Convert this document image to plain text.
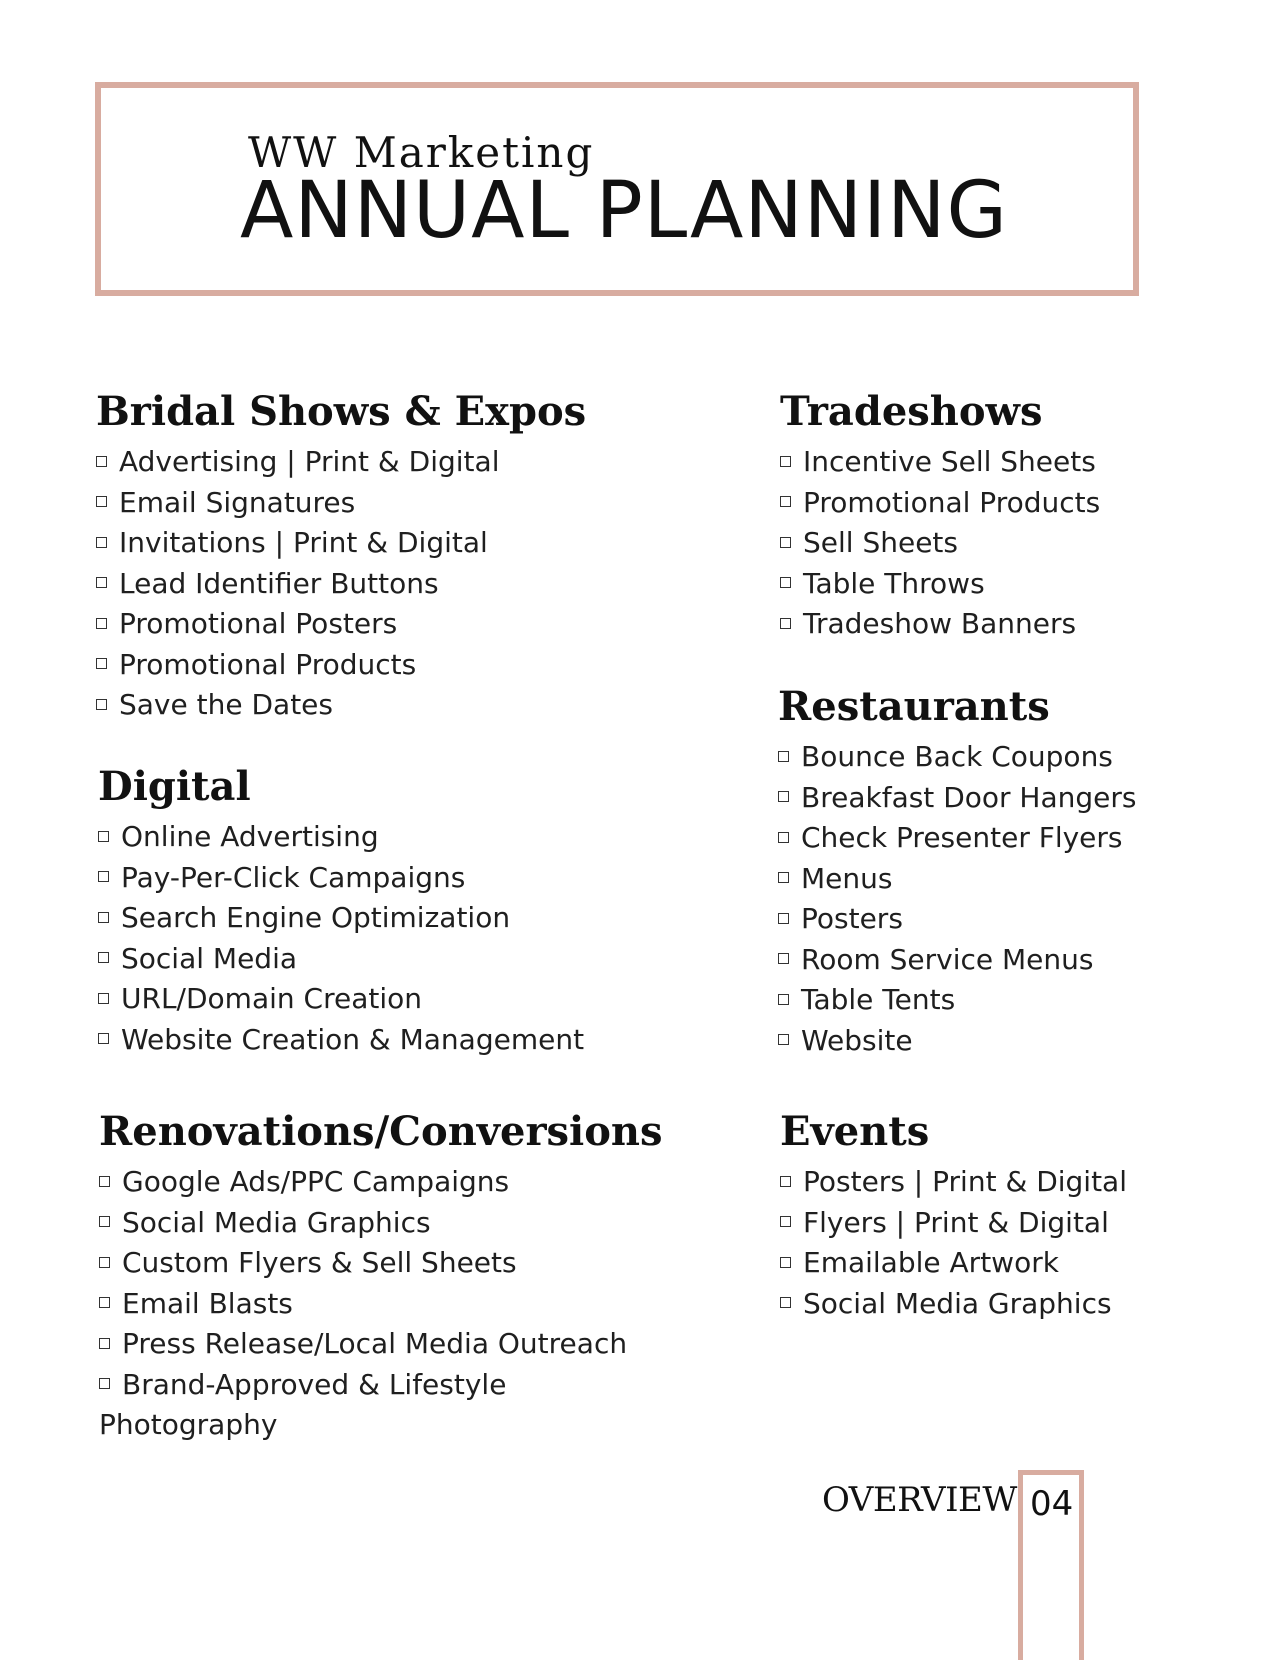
WW Marketing
ANNUAL PLANNING
Bridal Shows & Expos
Advertising | Print & Digital
Email Signatures
Invitations | Print & Digital
Lead Identifier Buttons
Promotional Posters
Promotional Products
Save the Dates
Digital
Online Advertising
Pay-Per-Click Campaigns
Search Engine Optimization
Social Media
URL/Domain Creation
Website Creation & Management
Renovations/Conversions
Google Ads/PPC Campaigns
Social Media Graphics
Custom Flyers & Sell Sheets
Email Blasts
Press Release/Local Media Outreach
Brand-Approved & Lifestyle Photography
Tradeshows
Incentive Sell Sheets
Promotional Products
Sell Sheets
Table Throws
Tradeshow Banners
Restaurants
Bounce Back Coupons
Breakfast Door Hangers
Check Presenter Flyers
Menus
Posters
Room Service Menus
Table Tents
Website
Events
Posters | Print & Digital
Flyers | Print & Digital
Emailable Artwork
Social Media Graphics
OVERVIEW 04
